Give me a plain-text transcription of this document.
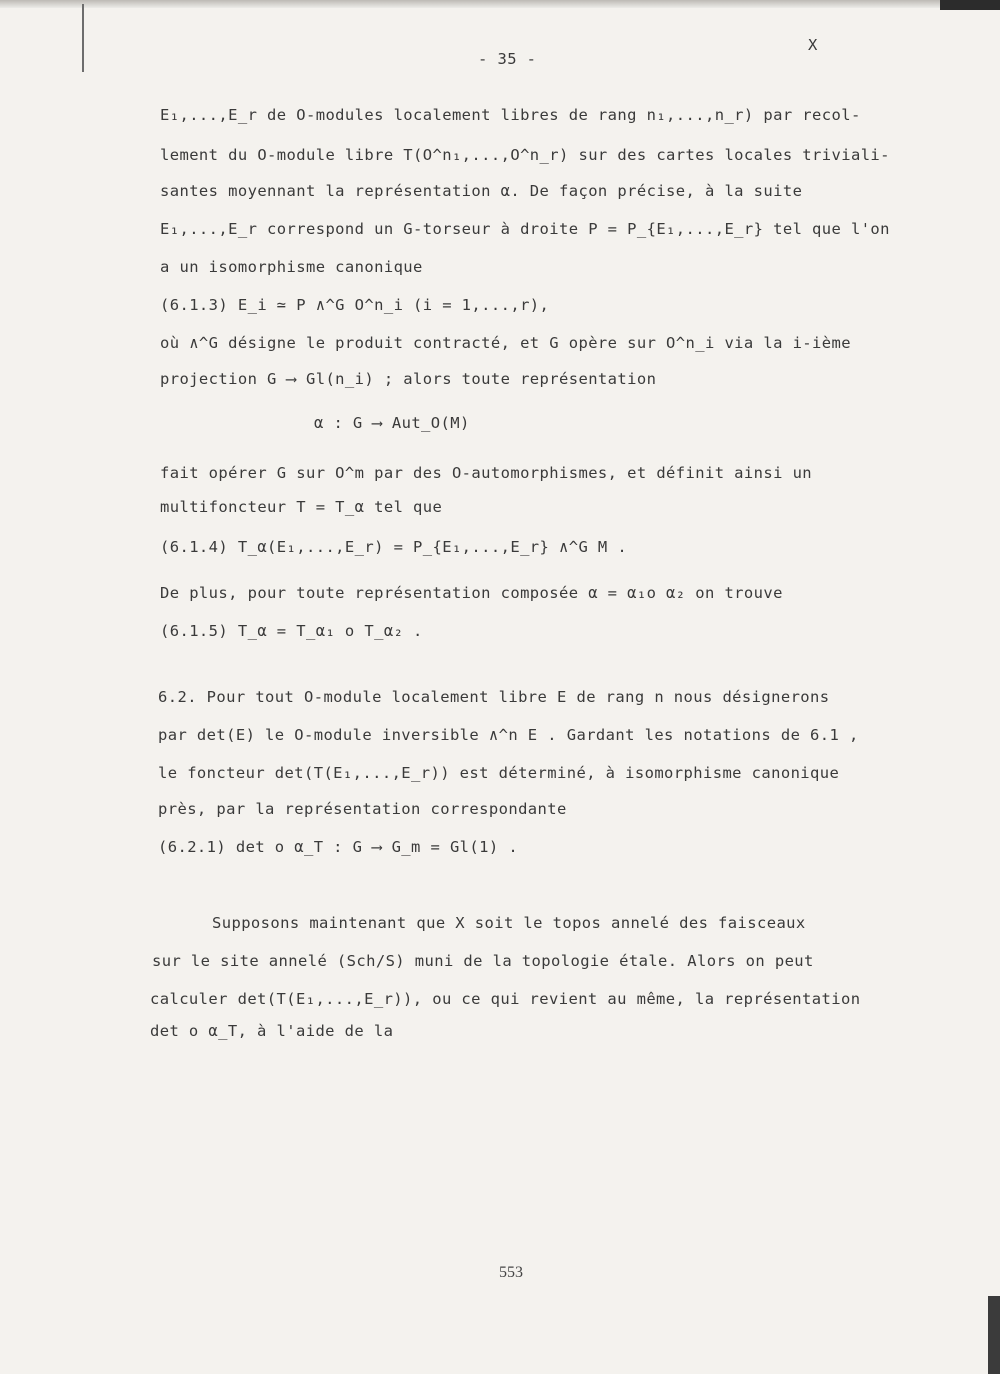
- 35 -
X
E₁,...,E_r de O-modules localement libres de rang n₁,...,n_r) par recol-
lement du O-module libre T(O^n₁,...,O^n_r) sur des cartes locales triviali-
santes moyennant la représentation α. De façon précise, à la suite
E₁,...,E_r correspond un G-torseur à droite P = P_{E₁,...,E_r} tel que l'on
a un isomorphisme canonique
(6.1.3) E_i ≃ P ∧^G O^n_i (i = 1,...,r),
où ∧^G désigne le produit contracté, et G opère sur O^n_i via la i-ième
projection G ⟶ Gl(n_i) ; alors toute représentation
α : G ⟶ Aut_O(M)
fait opérer G sur O^m par des O-automorphismes, et définit ainsi un
multifoncteur T = T_α tel que
(6.1.4) T_α(E₁,...,E_r) = P_{E₁,...,E_r} ∧^G M .
De plus, pour toute représentation composée α = α₁o α₂ on trouve
(6.1.5) T_α = T_α₁ o T_α₂ .
6.2. Pour tout O-module localement libre E de rang n nous désignerons
par det(E) le O-module inversible ∧^n E . Gardant les notations de 6.1 ,
le foncteur det(T(E₁,...,E_r)) est déterminé, à isomorphisme canonique
près, par la représentation correspondante
(6.2.1) det o α_T : G ⟶ G_m = Gl(1) .
Supposons maintenant que X soit le topos annelé des faisceaux
sur le site annelé (Sch/S) muni de la topologie étale. Alors on peut
calculer det(T(E₁,...,E_r)), ou ce qui revient au même, la représentation
det o α_T, à l'aide de la
553
